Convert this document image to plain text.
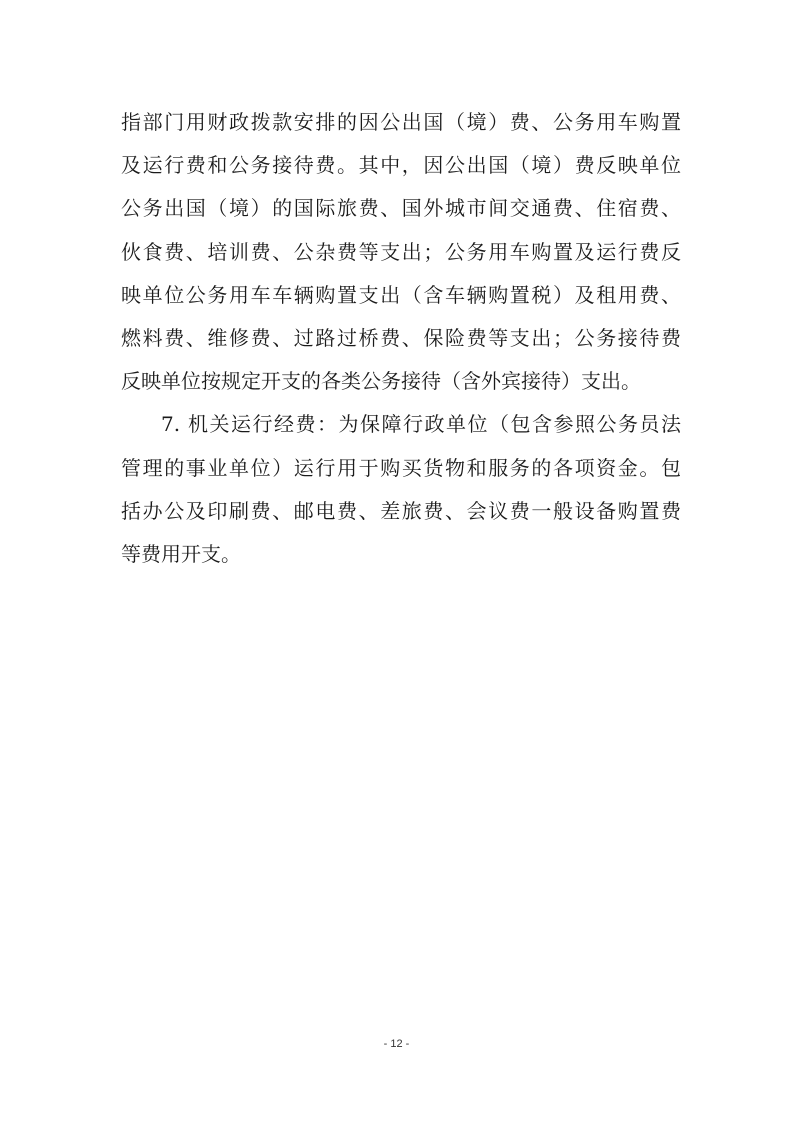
指部门用财政拨款安排的因公出国（境）费、公务用车购置
及运行费和公务接待费。其中，因公出国（境）费反映单位
公务出国（境）的国际旅费、国外城市间交通费、住宿费、
伙食费、培训费、公杂费等支出；公务用车购置及运行费反
映单位公务用车车辆购置支出（含车辆购置税）及租用费、
燃料费、维修费、过路过桥费、保险费等支出；公务接待费
反映单位按规定开支的各类公务接待（含外宾接待）支出。
7. 机关运行经费：为保障行政单位（包含参照公务员法
管理的事业单位）运行用于购买货物和服务的各项资金。包
括办公及印刷费、邮电费、差旅费、会议费一般设备购置费
等费用开支。
- 12 -
